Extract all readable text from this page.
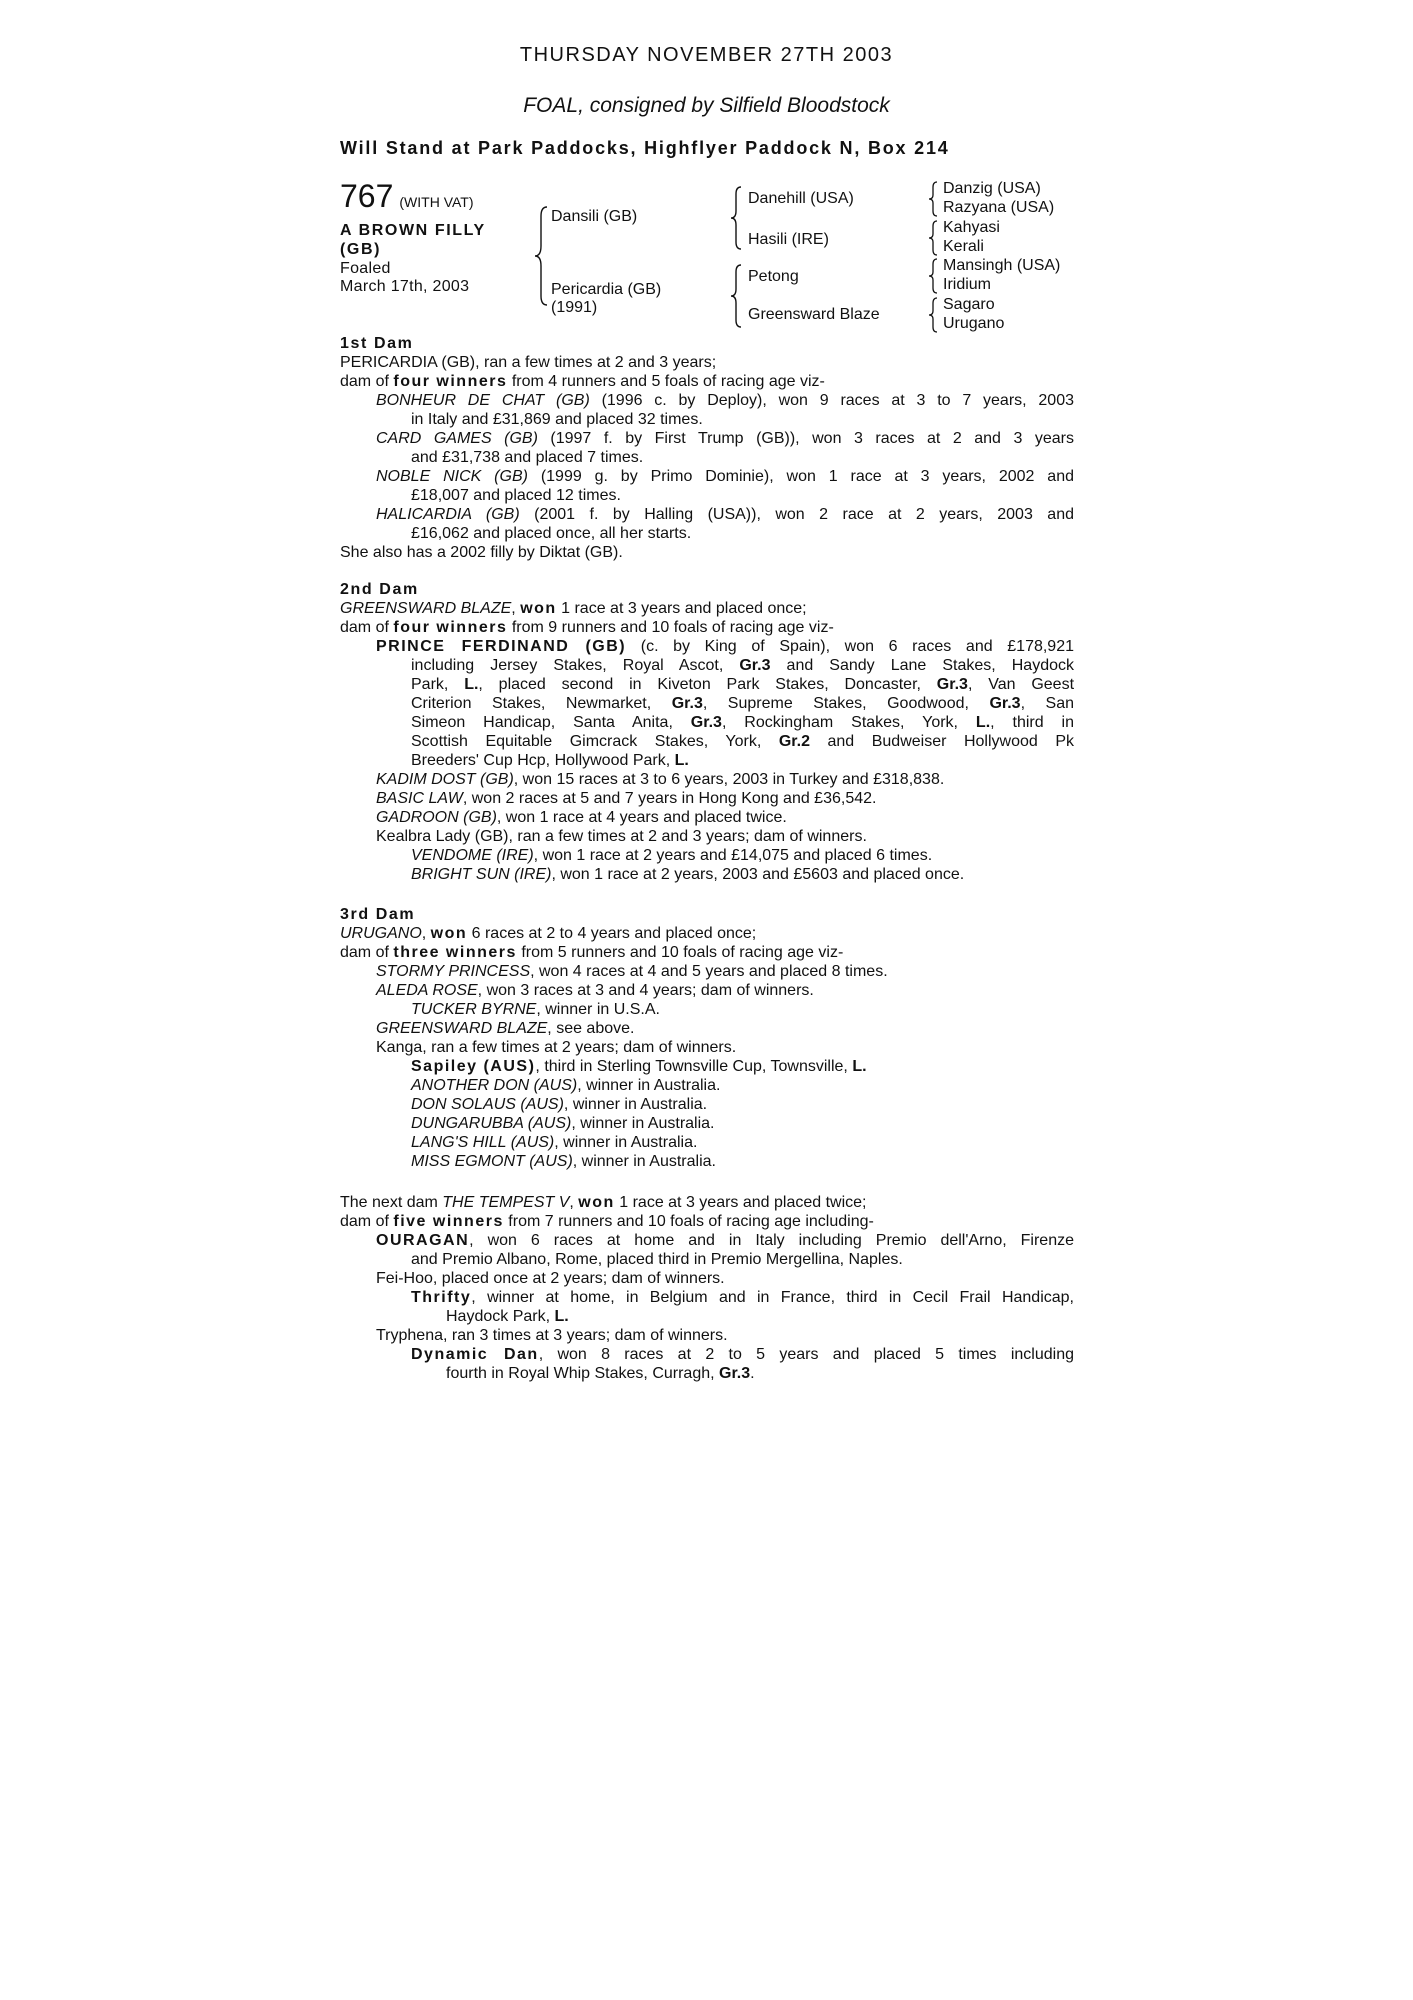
THURSDAY NOVEMBER 27TH 2003
FOAL, consigned by Silfield Bloodstock
Will Stand at Park Paddocks, Highflyer Paddock N, Box 214
767 (WITH VAT)
A BROWN FILLY (GB)
Foaled
March 17th, 2003
Dansili (GB)
Pericardia (GB)
(1991)
Danehill (USA)
Hasili (IRE)
Petong
Greensward Blaze
Danzig (USA)
Razyana (USA)
Kahyasi
Kerali
Mansingh (USA)
Iridium
Sagaro
Urugano
1st Dam
PERICARDIA (GB), ran a few times at 2 and 3 years;
dam of four winners from 4 runners and 5 foals of racing age viz-
BONHEUR DE CHAT (GB) (1996 c. by Deploy), won 9 races at 3 to 7 years, 2003
in Italy and £31,869 and placed 32 times.
CARD GAMES (GB) (1997 f. by First Trump (GB)), won 3 races at 2 and 3 years
and £31,738 and placed 7 times.
NOBLE NICK (GB) (1999 g. by Primo Dominie), won 1 race at 3 years, 2002 and
£18,007 and placed 12 times.
HALICARDIA (GB) (2001 f. by Halling (USA)), won 2 race at 2 years, 2003 and
£16,062 and placed once, all her starts.
She also has a 2002 filly by Diktat (GB).
2nd Dam
GREENSWARD BLAZE, won 1 race at 3 years and placed once;
dam of four winners from 9 runners and 10 foals of racing age viz-
PRINCE FERDINAND (GB) (c. by King of Spain), won 6 races and £178,921
including Jersey Stakes, Royal Ascot, Gr.3 and Sandy Lane Stakes, Haydock
Park, L., placed second in Kiveton Park Stakes, Doncaster, Gr.3, Van Geest
Criterion Stakes, Newmarket, Gr.3, Supreme Stakes, Goodwood, Gr.3, San
Simeon Handicap, Santa Anita, Gr.3, Rockingham Stakes, York, L., third in
Scottish Equitable Gimcrack Stakes, York, Gr.2 and Budweiser Hollywood Pk
Breeders' Cup Hcp, Hollywood Park, L.
KADIM DOST (GB), won 15 races at 3 to 6 years, 2003 in Turkey and £318,838.
BASIC LAW, won 2 races at 5 and 7 years in Hong Kong and £36,542.
GADROON (GB), won 1 race at 4 years and placed twice.
Kealbra Lady (GB), ran a few times at 2 and 3 years; dam of winners.
VENDOME (IRE), won 1 race at 2 years and £14,075 and placed 6 times.
BRIGHT SUN (IRE), won 1 race at 2 years, 2003 and £5603 and placed once.
3rd Dam
URUGANO, won 6 races at 2 to 4 years and placed once;
dam of three winners from 5 runners and 10 foals of racing age viz-
STORMY PRINCESS, won 4 races at 4 and 5 years and placed 8 times.
ALEDA ROSE, won 3 races at 3 and 4 years; dam of winners.
TUCKER BYRNE, winner in U.S.A.
GREENSWARD BLAZE, see above.
Kanga, ran a few times at 2 years; dam of winners.
Sapiley (AUS), third in Sterling Townsville Cup, Townsville, L.
ANOTHER DON (AUS), winner in Australia.
DON SOLAUS (AUS), winner in Australia.
DUNGARUBBA (AUS), winner in Australia.
LANG'S HILL (AUS), winner in Australia.
MISS EGMONT (AUS), winner in Australia.
The next dam THE TEMPEST V, won 1 race at 3 years and placed twice;
dam of five winners from 7 runners and 10 foals of racing age including-
OURAGAN, won 6 races at home and in Italy including Premio dell'Arno, Firenze
and Premio Albano, Rome, placed third in Premio Mergellina, Naples.
Fei-Hoo, placed once at 2 years; dam of winners.
Thrifty, winner at home, in Belgium and in France, third in Cecil Frail Handicap,
Haydock Park, L.
Tryphena, ran 3 times at 3 years; dam of winners.
Dynamic Dan, won 8 races at 2 to 5 years and placed 5 times including
fourth in Royal Whip Stakes, Curragh, Gr.3.
